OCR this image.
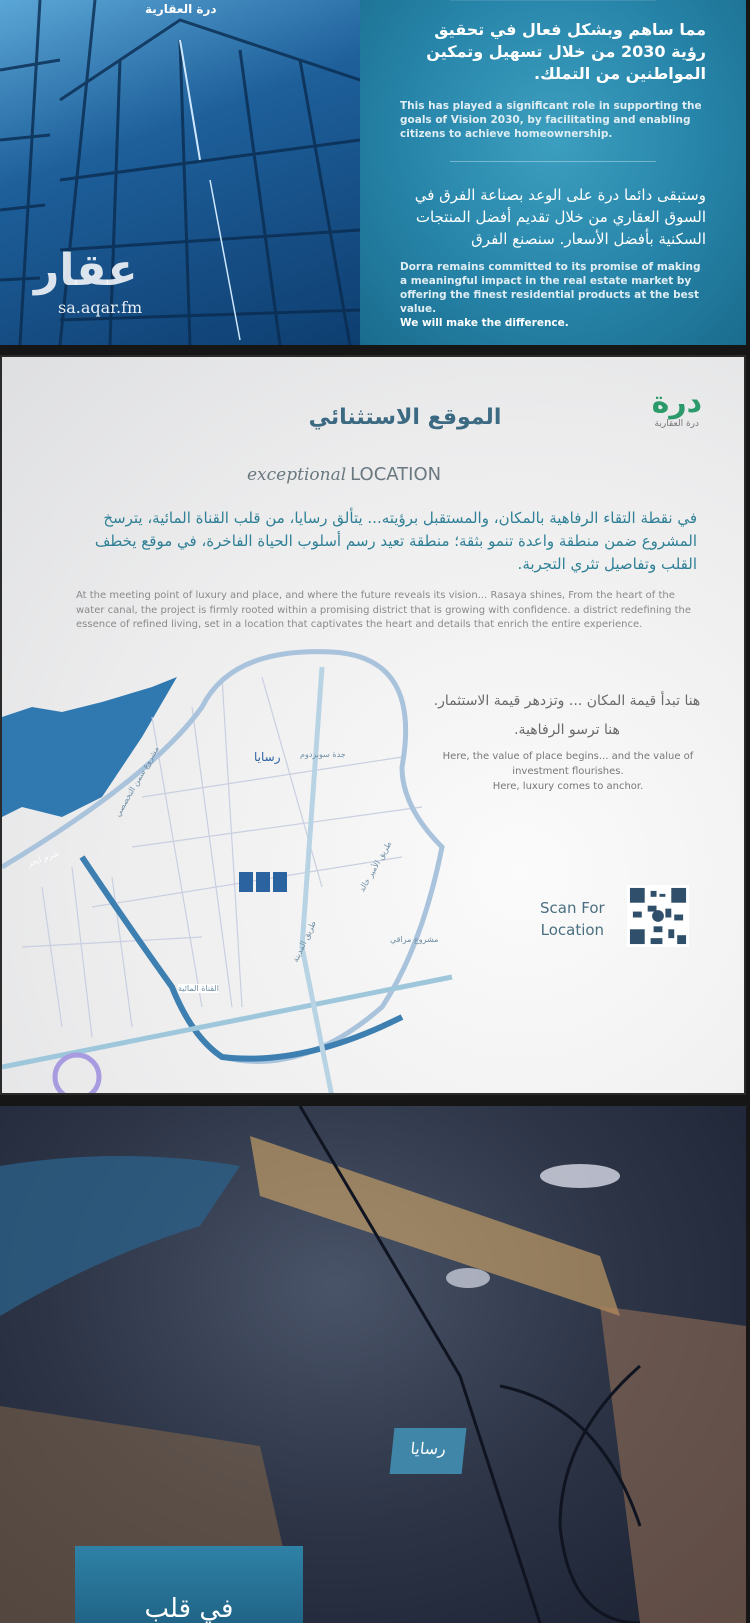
درة العقارية
عقار
sa.aqar.fm

مما ساهم وبشكل فعال في تحقيق رؤية 2030 من خلال تسهيل وتمكين المواطنين من التملك.

This has played a significant role in supporting the goals of Vision 2030, by facilitating and enabling citizens to achieve homeownership.

وستبقى دائما درة على الوعد بصناعة الفرق في السوق العقاري من خلال تقديم أفضل المنتجات السكنية بأفضل الأسعار. سنصنع الفرق

Dorra remains committed to its promise of making a meaningful impact in the real estate market by offering the finest residential products at the best value.
We will make the difference.

درة
درة العقارية
الموقع الاستثنائي
exceptional LOCATION

في نقطة التقاء الرفاهية بالمكان، والمستقبل برؤيته... يتألق رسايا، من قلب القناة المائية، يترسخ المشروع ضمن منطقة واعدة تنمو بثقة؛ منطقة تعيد رسم أسلوب الحياة الفاخرة، في موقع يخطف القلب وتفاصيل تثري التجربة.

At the meeting point of luxury and place, and where the future reveals its vision... Rasaya shines, From the heart of the water canal, the project is firmly rooted within a promising district that is growing with confidence. a district redefining the essence of refined living, set in a location that captivates the heart and details that enrich the entire experience.

رسايا جدة سوبردوم
مشروع سمن التخصصي
شرم أبحر	طريق الأمير خالد
طريق المدينة	مشروع مراقي
القناة المائية

هنا تبدأ قيمة المكان ... وتزدهر قيمة الاستثمار.
هنا ترسو الرفاهية.

Here, the value of place begins... and the value of investment flourishes.
Here, luxury comes to anchor.

Scan For
Location
رسايا
في قلب
